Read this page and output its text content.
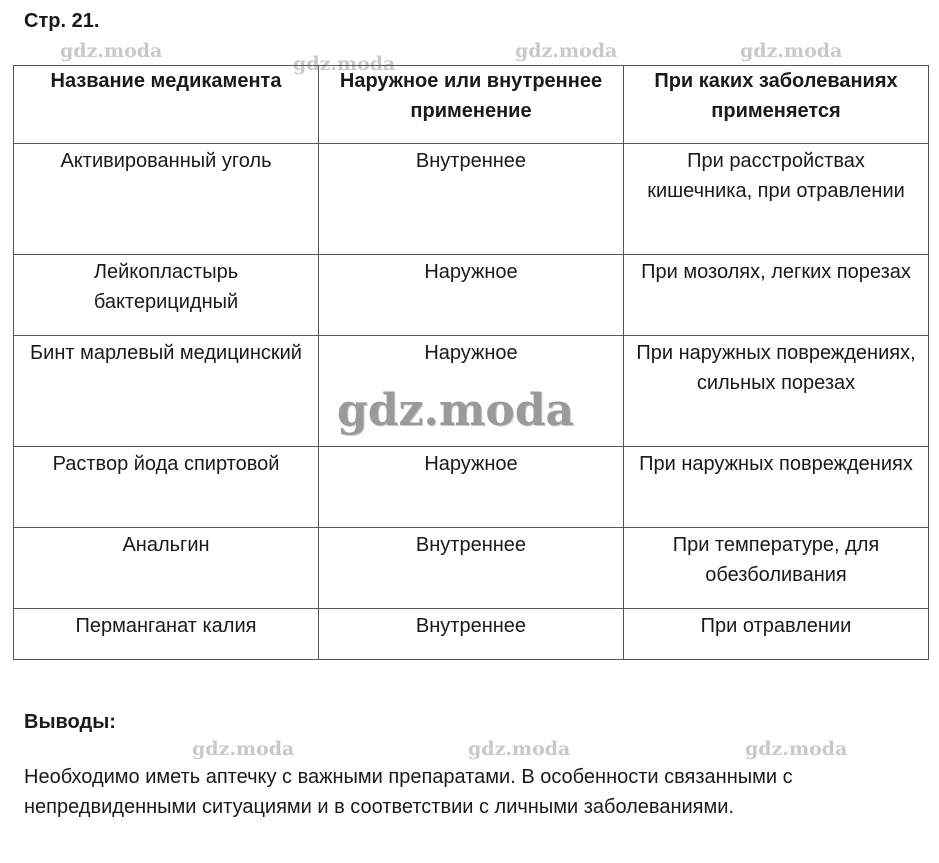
Стр. 21.
gdz.moda
gdz.moda
gdz.moda	gdz.moda
Название медикамента	Наружное или внутреннее применение	При каких заболеваниях применяется
Активированный уголь	Внутреннее	При расстройствах кишечника, при отравлении
Лейкопластырь бактерицидный	Наружное	При мозолях, легких порезах
Бинт марлевый медицинский	Наружное	При наружных повреждениях, сильных порезах
Раствор йода спиртовой	Наружное	При наружных повреждениях
Анальгин	Внутреннее	При температуре, для обезболивания
Перманганат калия	Внутреннее	При отравлении
gdz.moda
Выводы:
gdz.moda	gdz.moda	gdz.moda
Необходимо иметь аптечку с важными препаратами. В особенности связанными с непредвиденными ситуациями и в соответствии с личными заболеваниями.
